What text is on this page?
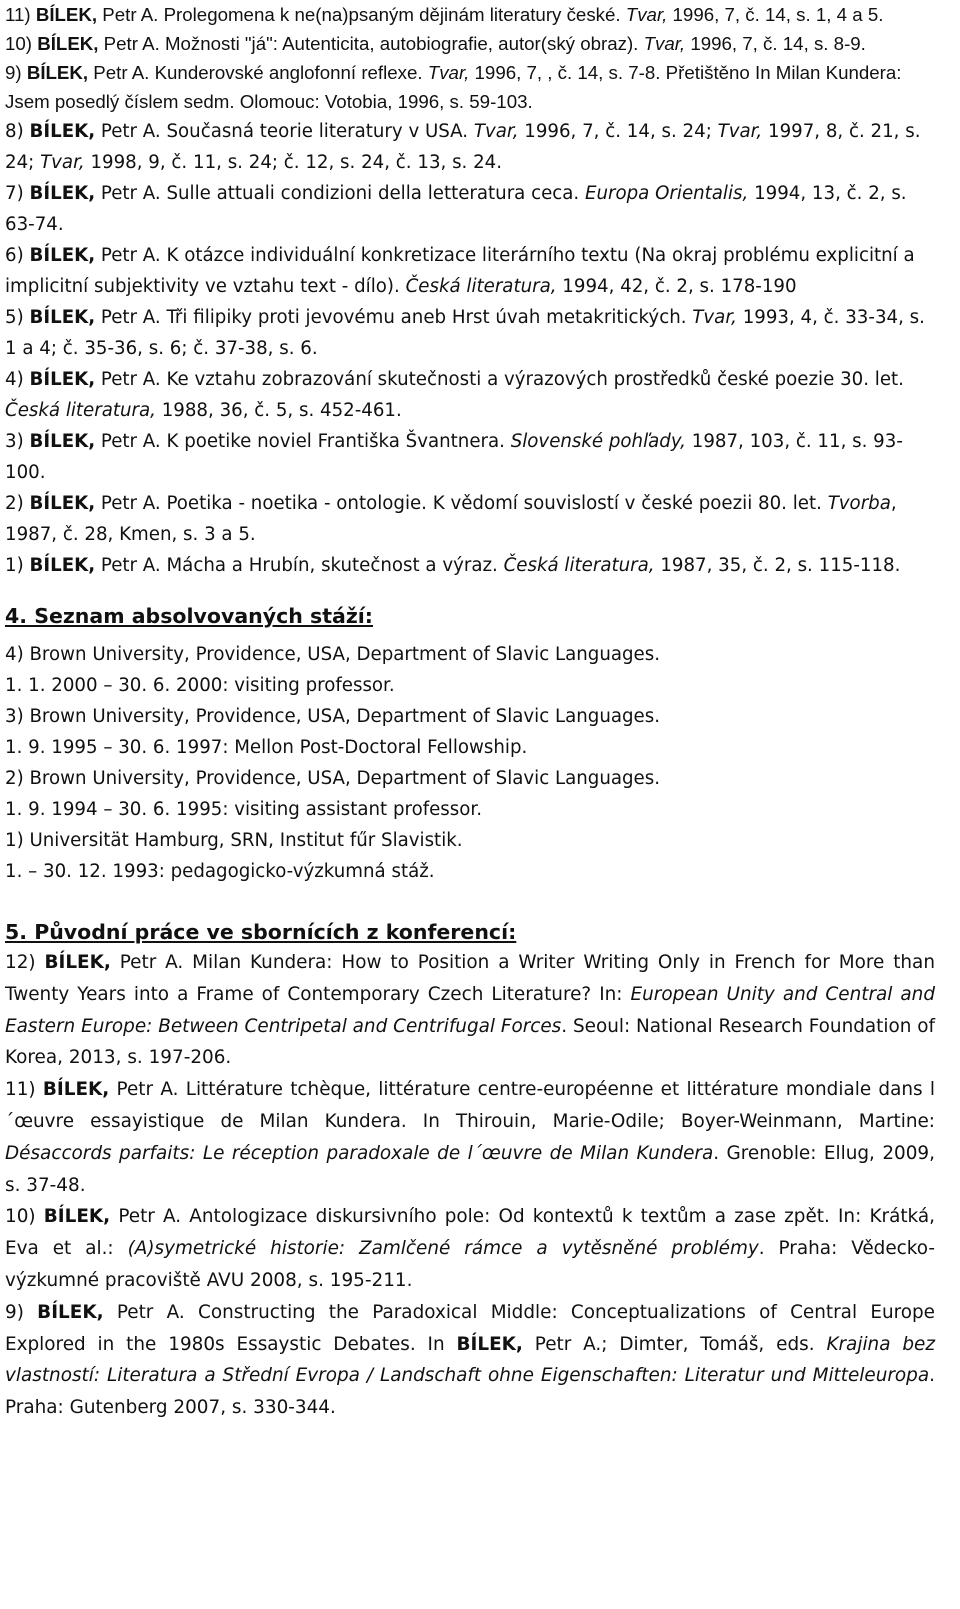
11) BÍLEK, Petr A. Prolegomena k ne(na)psaným dějinám literatury české. Tvar, 1996, 7, č. 14, s. 1, 4 a 5.

10) BÍLEK, Petr A. Možnosti "já": Autenticita, autobiografie, autor(ský obraz). Tvar, 1996, 7, č. 14, s. 8-9.

9) BÍLEK, Petr A. Kunderovské anglofonní reflexe. Tvar, 1996, 7, , č. 14, s. 7-8. Přetištěno In Milan Kundera: Jsem posedlý číslem sedm. Olomouc: Votobia, 1996, s. 59-103.

8) BÍLEK, Petr A. Současná teorie literatury v USA. Tvar, 1996, 7, č. 14, s. 24; Tvar, 1997, 8, č. 21, s. 24; Tvar, 1998, 9, č. 11, s. 24; č. 12, s. 24, č. 13, s. 24.

7) BÍLEK, Petr A. Sulle attuali condizioni della letteratura ceca. Europa Orientalis, 1994, 13, č. 2, s. 63-74.

6) BÍLEK, Petr A. K otázce individuální konkretizace literárního textu (Na okraj problému explicitní a implicitní subjektivity ve vztahu text - dílo). Česká literatura, 1994, 42, č. 2, s. 178-190

5) BÍLEK, Petr A. Tři filipiky proti jevovému aneb Hrst úvah metakritických. Tvar, 1993, 4, č. 33-34, s. 1 a 4; č. 35-36, s. 6; č. 37-38, s. 6.

4) BÍLEK, Petr A. Ke vztahu zobrazování skutečnosti a výrazových prostředků české poezie 30. let. Česká literatura, 1988, 36, č. 5, s. 452-461.

3) BÍLEK, Petr A. K poetike noviel Františka Švantnera. Slovenské pohľady, 1987, 103, č. 11, s. 93-100.

2) BÍLEK, Petr A. Poetika - noetika - ontologie. K vědomí souvislostí v české poezii 80. let. Tvorba, 1987, č. 28, Kmen, s. 3 a 5.

1) BÍLEK, Petr A. Mácha a Hrubín, skutečnost a výraz. Česká literatura, 1987, 35, č. 2, s. 115-118.

4. Seznam absolvovaných stáží:

4) Brown University, Providence, USA, Department of Slavic Languages.

1. 1. 2000 – 30. 6. 2000: visiting professor.

3) Brown University, Providence, USA, Department of Slavic Languages.

1. 9. 1995 – 30. 6. 1997: Mellon Post-Doctoral Fellowship.

2) Brown University, Providence, USA, Department of Slavic Languages.

1. 9. 1994 – 30. 6. 1995: visiting assistant professor.

1) Universität Hamburg, SRN, Institut fűr Slavistik.

1. – 30. 12. 1993: pedagogicko-výzkumná stáž.

5. Původní práce ve sbornících z konferencí:

12) BÍLEK, Petr A. Milan Kundera: How to Position a Writer Writing Only in French for More than Twenty Years into a Frame of Contemporary Czech Literature? In: European Unity and Central and Eastern Europe: Between Centripetal and Centrifugal Forces. Seoul: National Research Foundation of Korea, 2013, s. 197-206.

11) BÍLEK, Petr A. Littérature tchèque, littérature centre-européenne et littérature mondiale dans l´œuvre essayistique de Milan Kundera. In Thirouin, Marie-Odile; Boyer-Weinmann, Martine: Désaccords parfaits: Le réception paradoxale de l´œuvre de Milan Kundera. Grenoble: Ellug, 2009, s. 37-48.

10) BÍLEK, Petr A. Antologizace diskursivního pole: Od kontextů k textům a zase zpět. In: Krátká, Eva et al.: (A)symetrické historie: Zamlčené rámce a vytěsněné problémy. Praha: Vědecko-výzkumné pracoviště AVU 2008, s. 195-211.

9) BÍLEK, Petr A. Constructing the Paradoxical Middle: Conceptualizations of Central Europe Explored in the 1980s Essaystic Debates. In BÍLEK, Petr A.; Dimter, Tomáš, eds. Krajina bez vlastností: Literatura a Střední Evropa / Landschaft ohne Eigenschaften: Literatur und Mitteleuropa. Praha: Gutenberg 2007, s. 330-344.
